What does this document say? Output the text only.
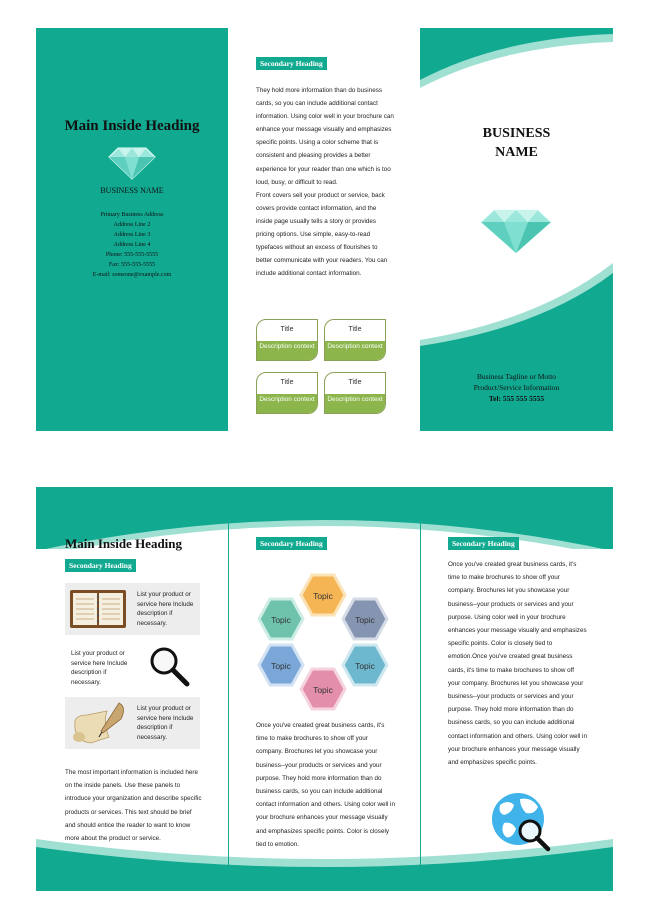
Main Inside Heading
BUSINESS NAME
Primary Business Address
Address Line 2
Address Line 3
Address Line 4
Phone: 555-555-5555
Fax: 555-555-5555
E-mail: someone@example.com
Secondary Heading

They hold more information than do business cards, so you can include additional contact information. Using color well in your brochure can enhance your message visually and emphasizes specific points. Using a color scheme that is consistent and pleasing provides a better experience for your reader than one which is too loud, busy, or difficult to read.

Front covers sell your product or service, back covers provide contact information, and the inside page usually tells a story or provides pricing options. Use simple, easy-to-read typefaces without an excess of flourishes to better communicate with your readers. You can include additional contact information.

Title
Description context
Title
Description context
Title
Description context
Title
Description context
BUSINESS
NAME
Business Tagline or Motto
Product/Service Information
Tel: 555 555 5555
Main Inside Heading
Secondary Heading
List your product or service here Include description if necessary.
List your product or service here Include description if necessary.
List your product or service here Include description if necessary.
The most important information is included here on the inside panels. Use these panels to introduce your organization and describe specific products or services. This text should be brief and should entice the reader to want to know more about the product or service.
Secondary Heading
Topic
Topic	Topic
Topic	Topic
Topic
Once you've created great business cards, it's time to make brochures to show off your company. Brochures let you showcase your business--your products or services and your purpose. They hold more information than do business cards, so you can include additional contact information and others. Using color well in your brochure enhances your message visually and emphasizes specific points. Color is closely tied to emotion.
Secondary Heading
Once you've created great business cards, it's time to make brochures to show off your company. Brochures let you showcase your business--your products or services and your purpose. Using color well in your brochure enhances your message visually and emphasizes specific points. Color is closely tied to emotion.Once you've created great business cards, it's time to make brochures to show off your company. Brochures let you showcase your business--your products or services and your purpose. They hold more information than do business cards, so you can include additional contact information and others. Using color well in your brochure enhances your message visually and emphasizes specific points.
